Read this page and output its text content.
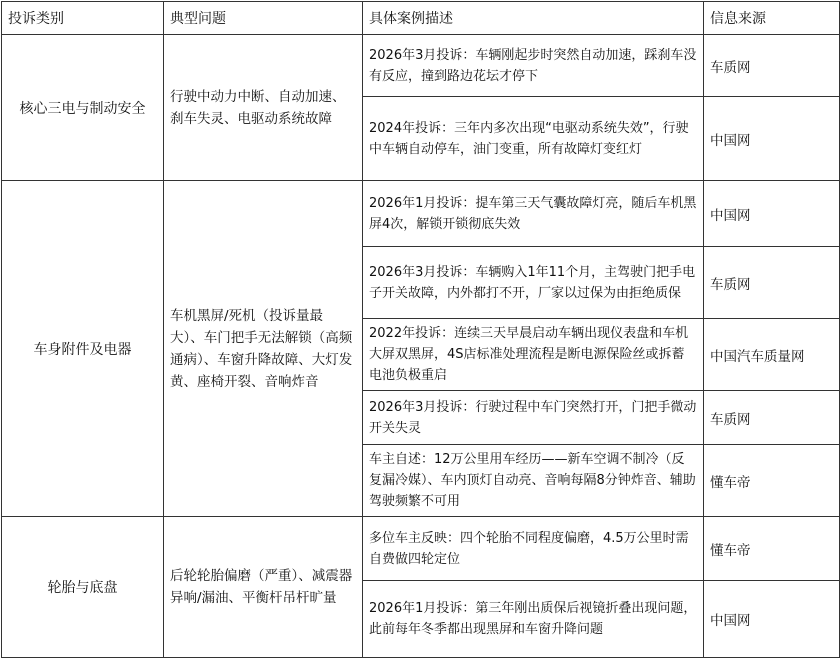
投诉类别	典型问题	具体案例描述	信息来源
核心三电与制动安全	行驶中动力中断、自动加速、刹车失灵、电驱动系统故障	2026年3月投诉：车辆刚起步时突然自动加速，踩刹车没有反应，撞到路边花坛才停下	车质网
		2024年投诉：三年内多次出现“电驱动系统失效”，行驶中车辆自动停车，油门变重，所有故障灯变红灯	中国网
车身附件及电器	车机黑屏/死机（投诉量最大）、车门把手无法解锁（高频通病）、车窗升降故障、大灯发黄、座椅开裂、音响炸音	2026年1月投诉：提车第三天气囊故障灯亮，随后车机黑屏4次，解锁开锁彻底失效	中国网
		2026年3月投诉：车辆购入1年11个月，主驾驶门把手电子开关故障，内外都打不开，厂家以过保为由拒绝质保	车质网
		2022年投诉：连续三天早晨启动车辆出现仪表盘和车机大屏双黑屏，4S店标准处理流程是断电源保险丝或拆蓄电池负极重启	中国汽车质量网
		2026年3月投诉：行驶过程中车门突然打开，门把手微动开关失灵	车质网
		车主自述：12万公里用车经历——新车空调不制冷（反复漏冷媒）、车内顶灯自动亮、音响每隔8分钟炸音、辅助驾驶频繁不可用	懂车帝
轮胎与底盘	后轮轮胎偏磨（严重）、减震器异响/漏油、平衡杆吊杆旷量	多位车主反映：四个轮胎不同程度偏磨，4.5万公里时需自费做四轮定位	懂车帝
		2026年1月投诉：第三年刚出质保后视镜折叠出现问题，此前每年冬季都出现黑屏和车窗升降问题	中国网
